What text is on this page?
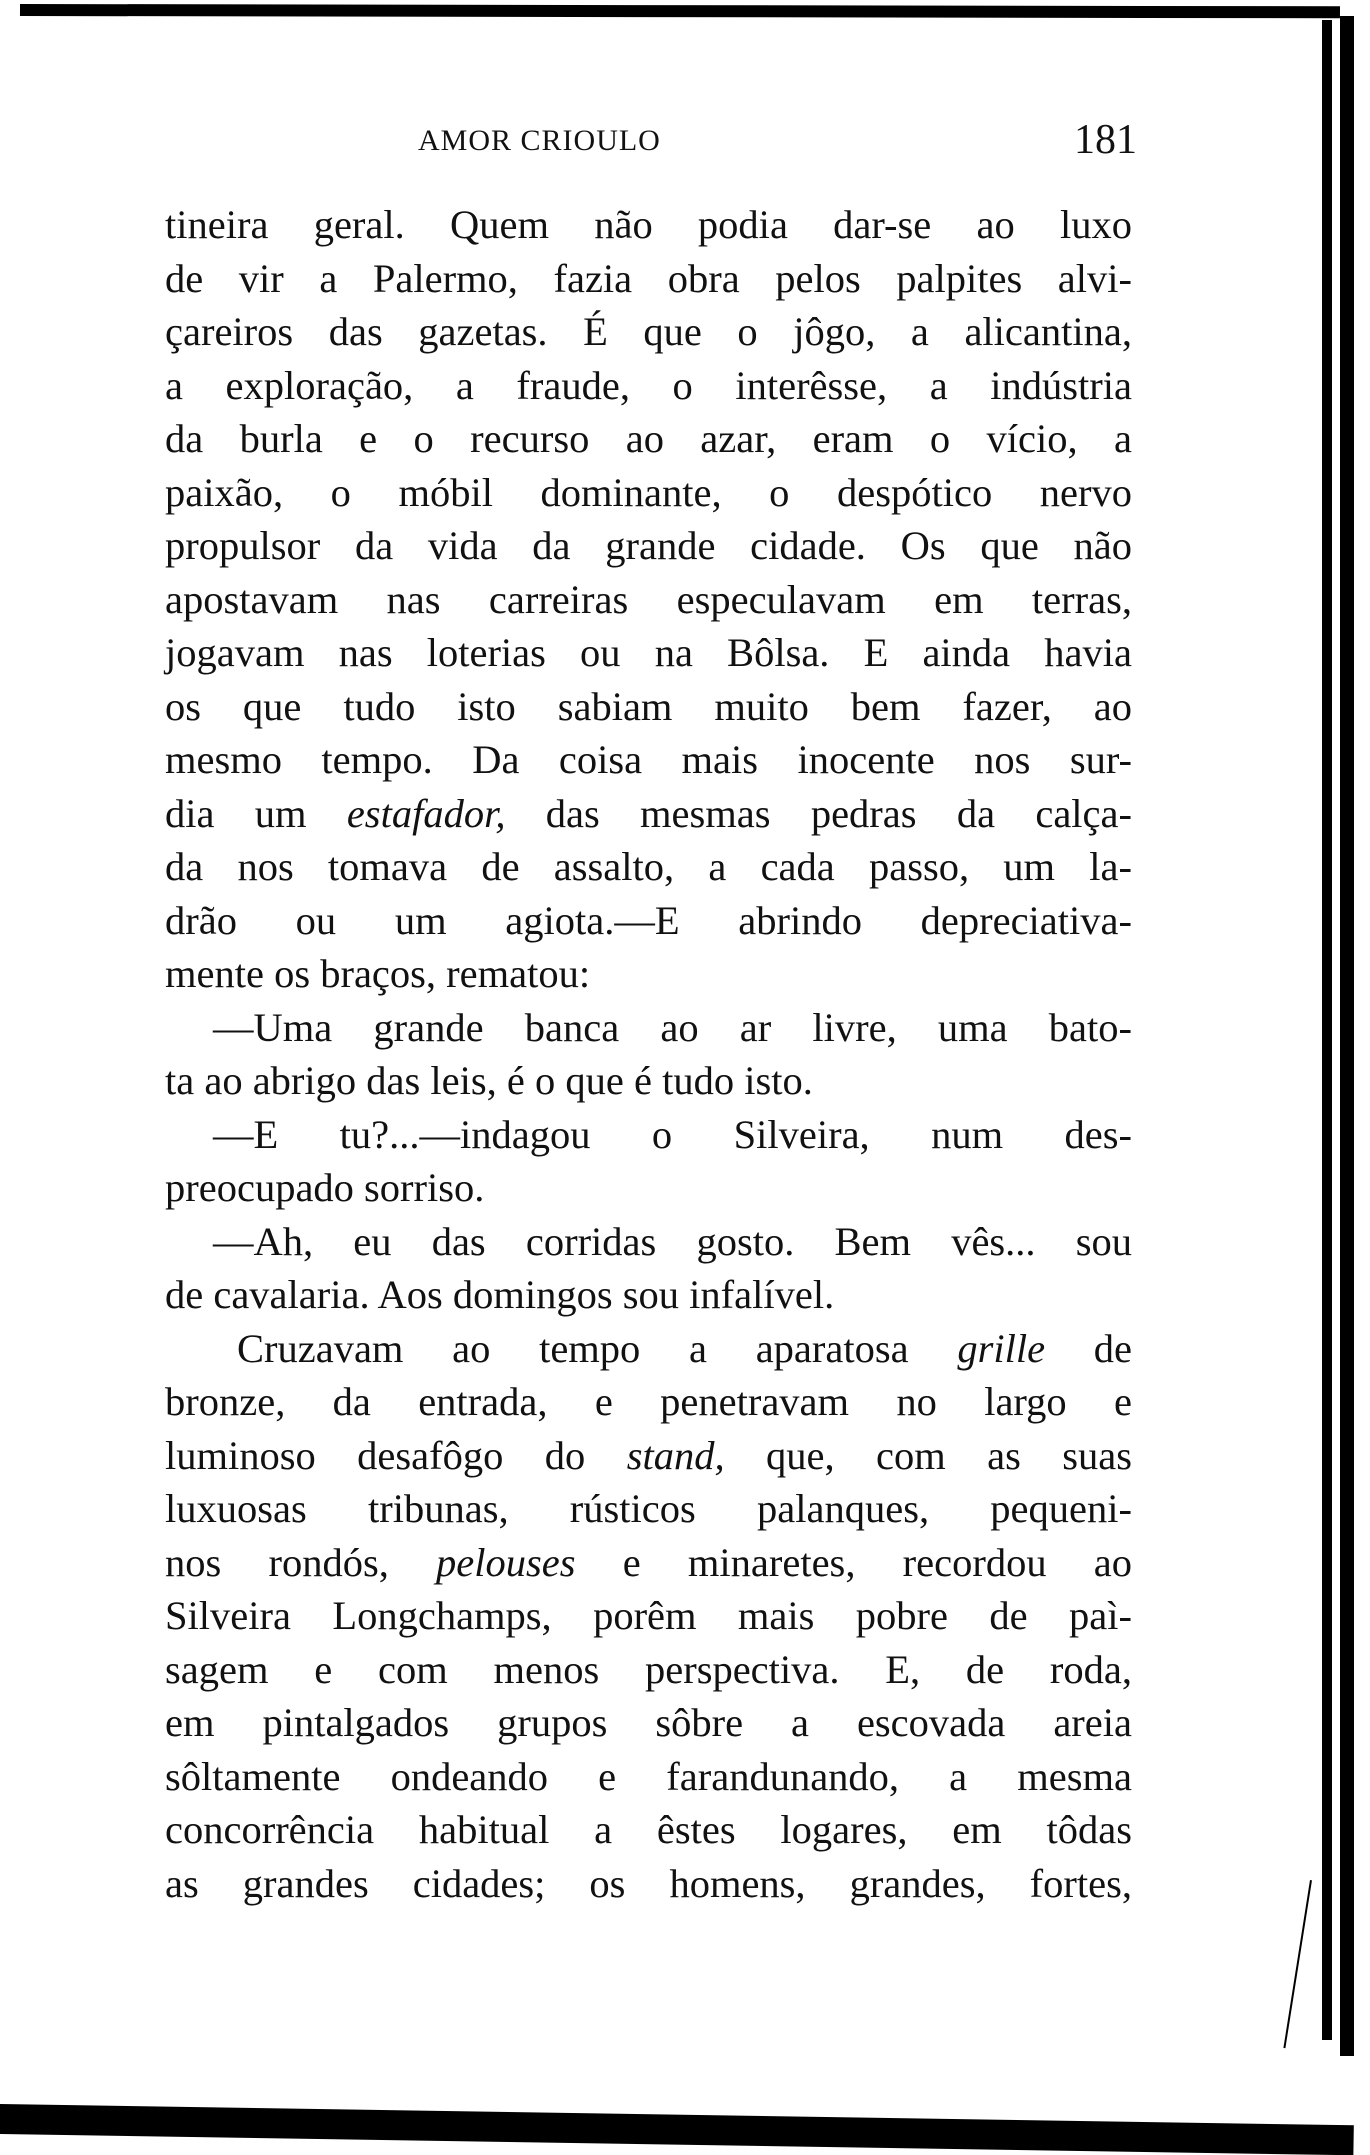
AMOR CRIOULO	181
tineira geral. Quem não podia dar-se ao luxo
de vir a Palermo, fazia obra pelos palpites alvi-
çareiros das gazetas. É que o jôgo, a alicantina,
a exploração, a fraude, o interêsse, a indústria
da burla e o recurso ao azar, eram o vício, a
paixão, o móbil dominante, o despótico nervo
propulsor da vida da grande cidade. Os que não
apostavam nas carreiras especulavam em terras,
jogavam nas loterias ou na Bôlsa. E ainda havia
os que tudo isto sabiam muito bem fazer, ao
mesmo tempo. Da coisa mais inocente nos sur-
dia um estafador, das mesmas pedras da calça-
da nos tomava de assalto, a cada passo, um la-
drão ou um agiota.—E abrindo depreciativa-
mente os braços, rematou:
—Uma grande banca ao ar livre, uma bato-
ta ao abrigo das leis, é o que é tudo isto.
—E tu?...—indagou o Silveira, num des-
preocupado sorriso.
—Ah, eu das corridas gosto. Bem vês... sou
de cavalaria. Aos domingos sou infalível.
Cruzavam ao tempo a aparatosa grille de
bronze, da entrada, e penetravam no largo e
luminoso desafôgo do stand, que, com as suas
luxuosas tribunas, rústicos palanques, pequeni-
nos rondós, pelouses e minaretes, recordou ao
Silveira Longchamps, porêm mais pobre de paì-
sagem e com menos perspectiva. E, de roda,
em pintalgados grupos sôbre a escovada areia
sôltamente ondeando e farandunando, a mesma
concorrência habitual a êstes logares, em tôdas
as grandes cidades; os homens, grandes, fortes,
